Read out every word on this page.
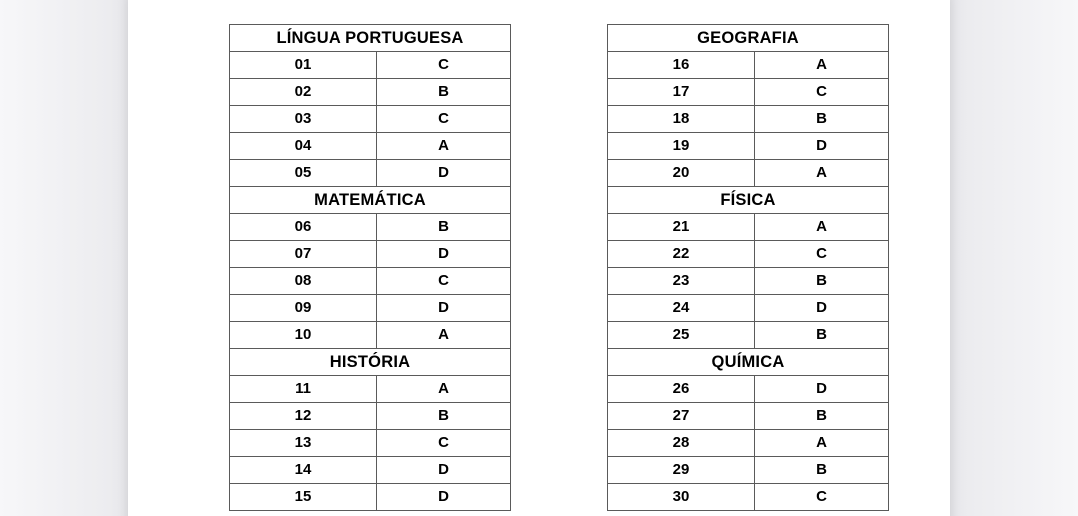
LÍNGUA PORTUGUESA	
01	C
02	B
03	C
04	A
05	D
MATEMÁTICA	
06	B
07	D
08	C
09	D
10	A
HISTÓRIA	
11	A
12	B
13	C
14	D
15	D
GEOGRAFIA	
16	A
17	C
18	B
19	D
20	A
FÍSICA	
21	A
22	C
23	B
24	D
25	B
QUÍMICA	
26	D
27	B
28	A
29	B
30	C
